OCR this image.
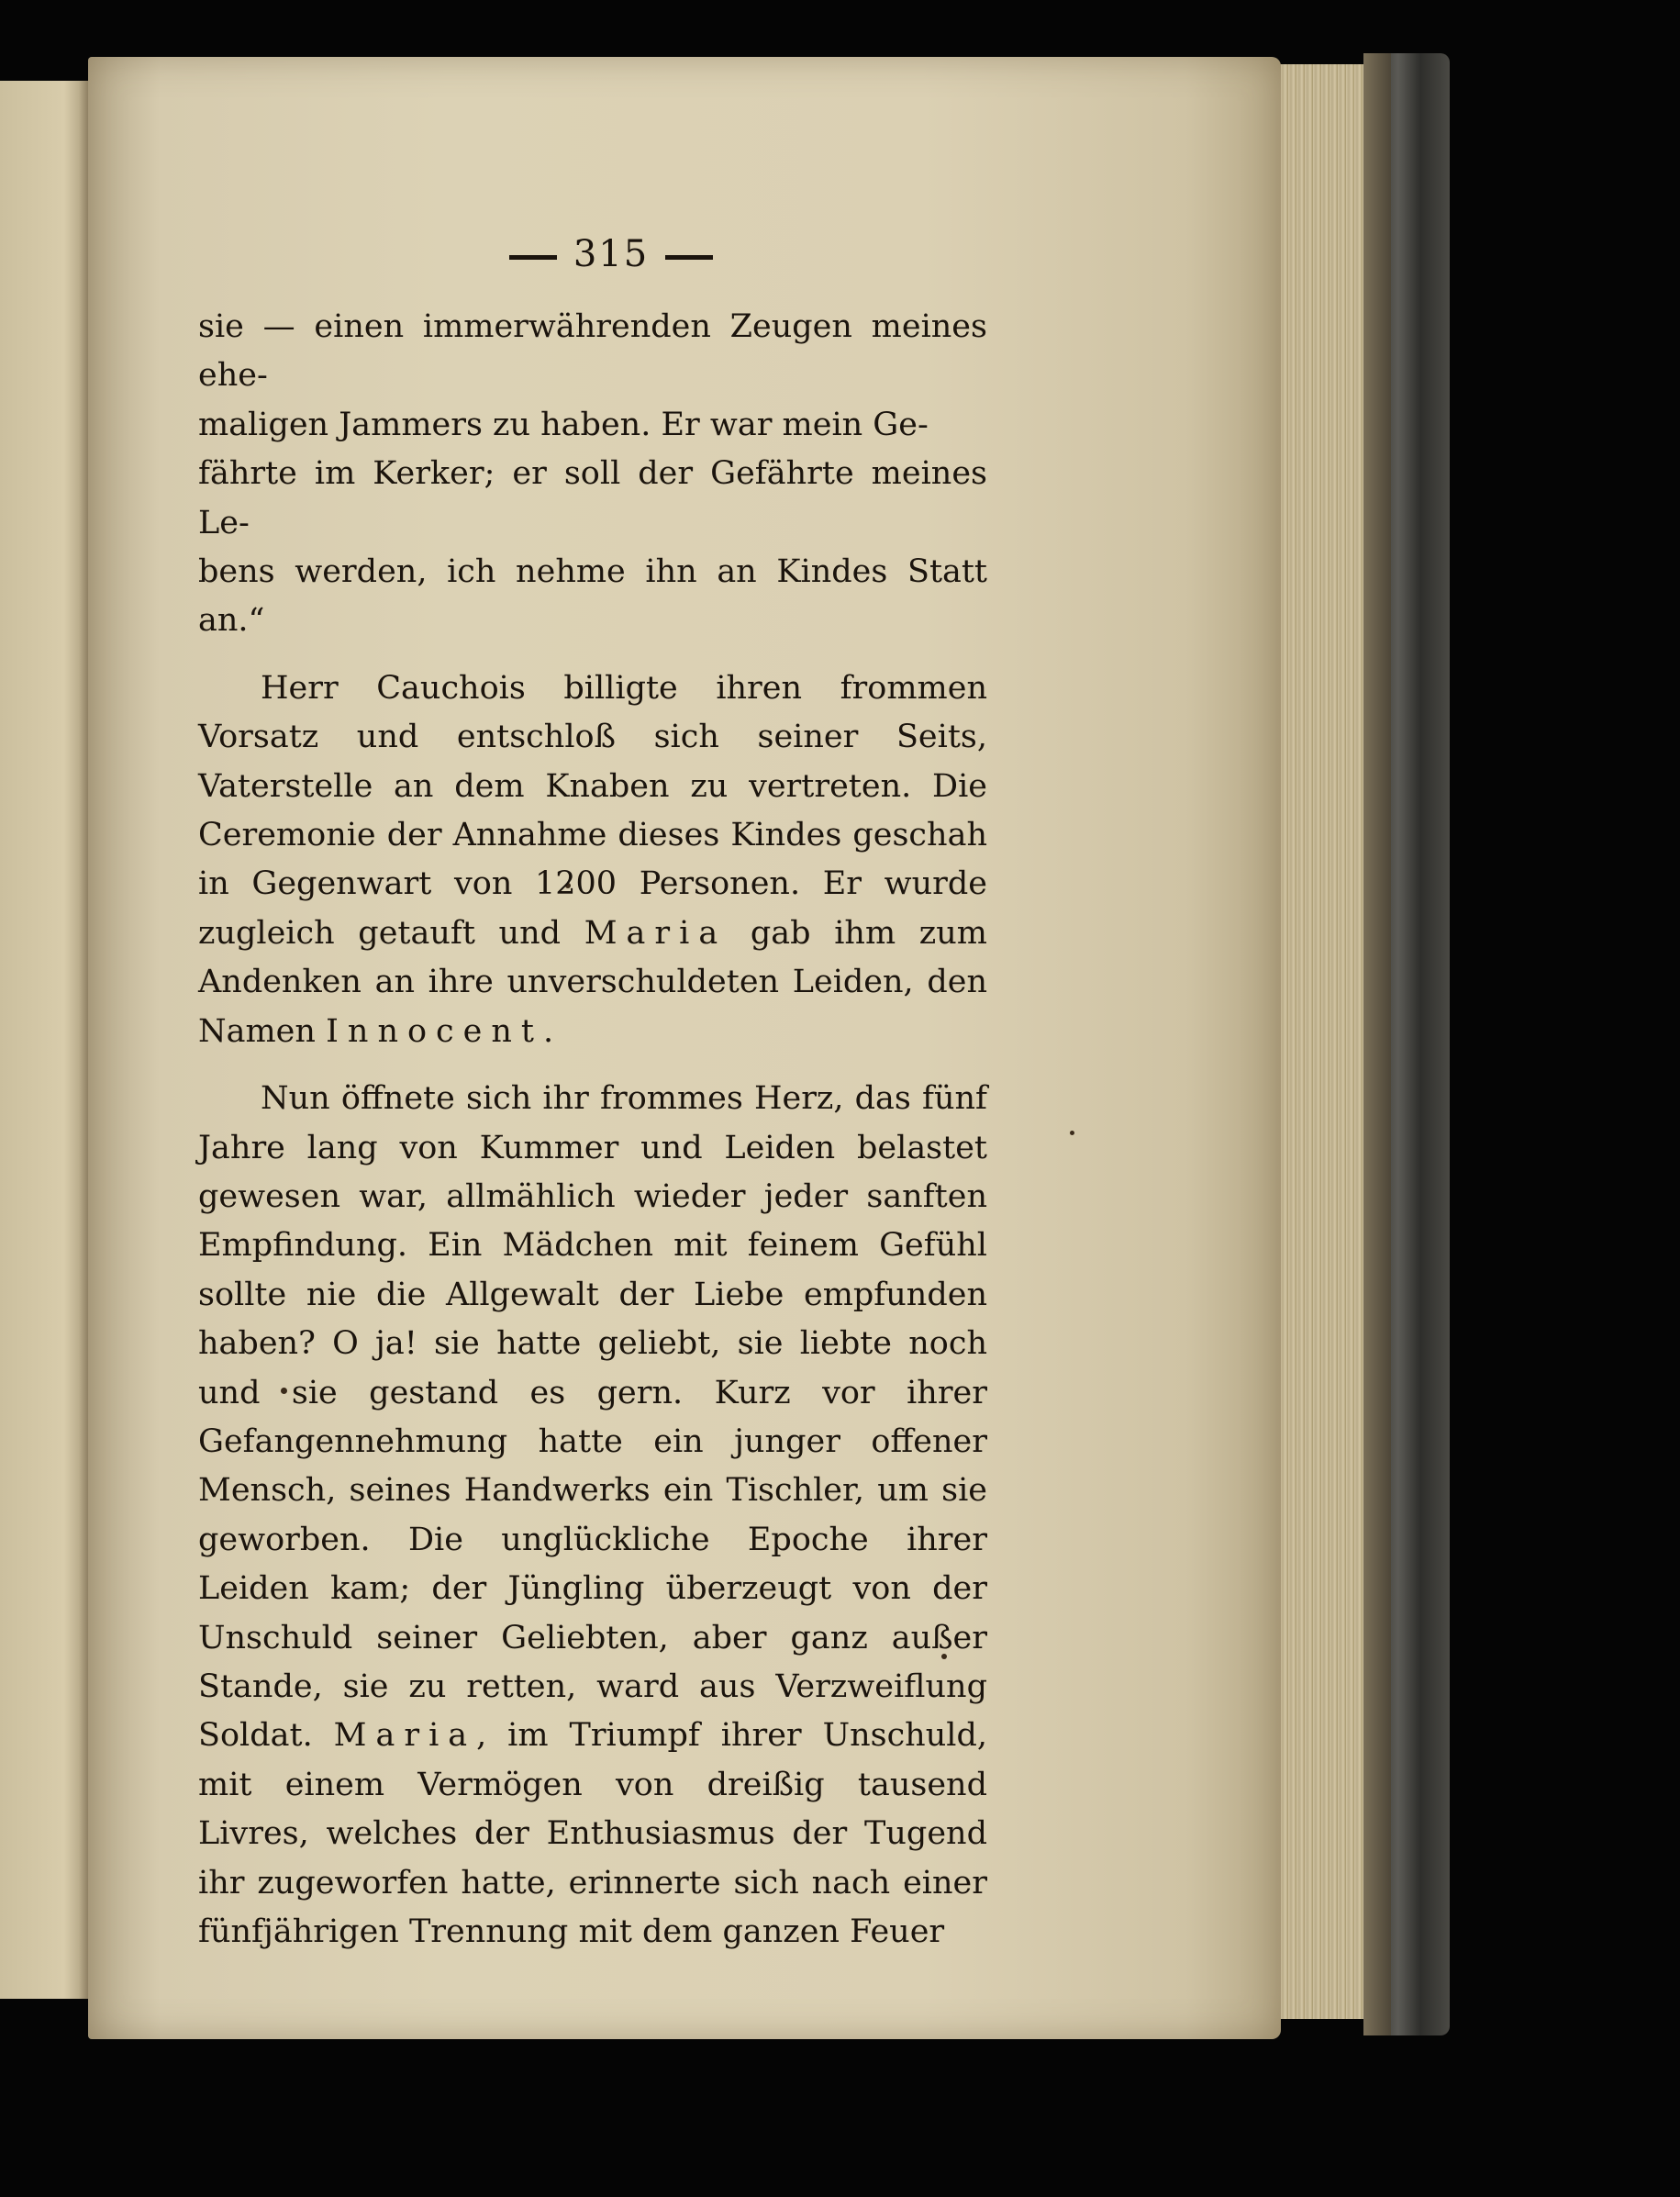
315

sie — einen immerwährenden Zeugen meines ehe-
maligen Jammers zu haben. Er war mein Ge-
fährte im Kerker; er soll der Gefährte meines Le-
bens werden, ich nehme ihn an Kindes Statt an.“

Herr Cauchois billigte ihren frommen Vorsatz und entschloß sich seiner Seits, Vaterstelle an dem Knaben zu vertreten. Die Ceremonie der Annahme dieses Kindes geschah in Gegenwart von 1200 Personen. Er wurde zugleich getauft und Maria gab ihm zum Andenken an ihre unverschuldeten Leiden, den Namen Innocent.

Nun öffnete sich ihr frommes Herz, das fünf Jahre lang von Kummer und Leiden belastet gewesen war, allmählich wieder jeder sanften Empfindung. Ein Mädchen mit feinem Gefühl sollte nie die Allgewalt der Liebe empfunden haben? O ja! sie hatte geliebt, sie liebte noch und sie gestand es gern. Kurz vor ihrer Gefangennehmung hatte ein junger offener Mensch, seines Handwerks ein Tischler, um sie geworben. Die unglückliche Epoche ihrer Leiden kam; der Jüngling überzeugt von der Unschuld seiner Geliebten, aber ganz außer Stande, sie zu retten, ward aus Verzweiflung Soldat. Maria, im Triumpf ihrer Unschuld, mit einem Vermögen von dreißig tausend Livres, welches der Enthusiasmus der Tugend ihr zugeworfen hatte, erinnerte sich nach einer fünfjährigen Trennung mit dem ganzen Feuer
